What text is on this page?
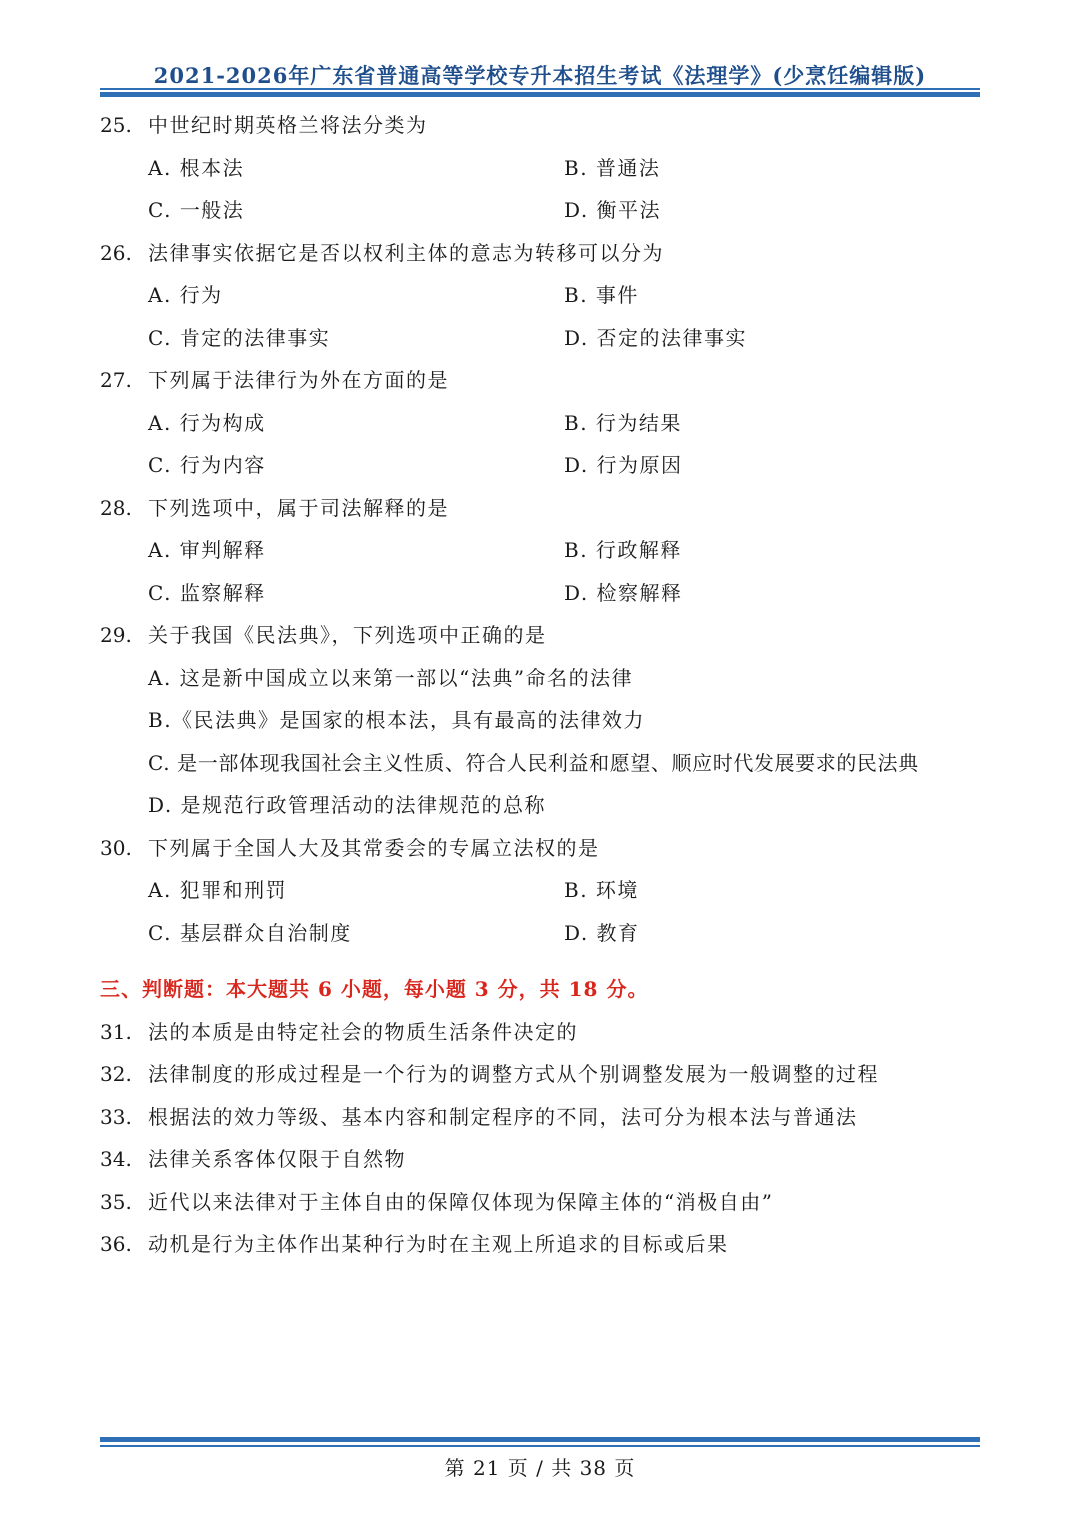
2021-2026年广东省普通高等学校专升本招生考试《法理学》(少烹饪编辑版)
25. 中世纪时期英格兰将法分类为
A. 根本法	B. 普通法
C. 一般法	D. 衡平法
26. 法律事实依据它是否以权利主体的意志为转移可以分为
A. 行为	B. 事件
C. 肯定的法律事实	D. 否定的法律事实
27. 下列属于法律行为外在方面的是
A. 行为构成	B. 行为结果
C. 行为内容	D. 行为原因
28. 下列选项中，属于司法解释的是
A. 审判解释	B. 行政解释
C. 监察解释	D. 检察解释
29. 关于我国《民法典》，下列选项中正确的是
A. 这是新中国成立以来第一部以“法典”命名的法律
B.《民法典》是国家的根本法，具有最高的法律效力
C. 是一部体现我国社会主义性质、符合人民利益和愿望、顺应时代发展要求的民法典
D. 是规范行政管理活动的法律规范的总称
30. 下列属于全国人大及其常委会的专属立法权的是
A. 犯罪和刑罚	B. 环境
C. 基层群众自治制度	D. 教育
三、判断题：本大题共 6 小题，每小题 3 分，共 18 分。
31. 法的本质是由特定社会的物质生活条件决定的
32. 法律制度的形成过程是一个行为的调整方式从个别调整发展为一般调整的过程
33. 根据法的效力等级、基本内容和制定程序的不同，法可分为根本法与普通法
34. 法律关系客体仅限于自然物
35. 近代以来法律对于主体自由的保障仅体现为保障主体的“消极自由”
36. 动机是行为主体作出某种行为时在主观上所追求的目标或后果
第 21 页 / 共 38 页
